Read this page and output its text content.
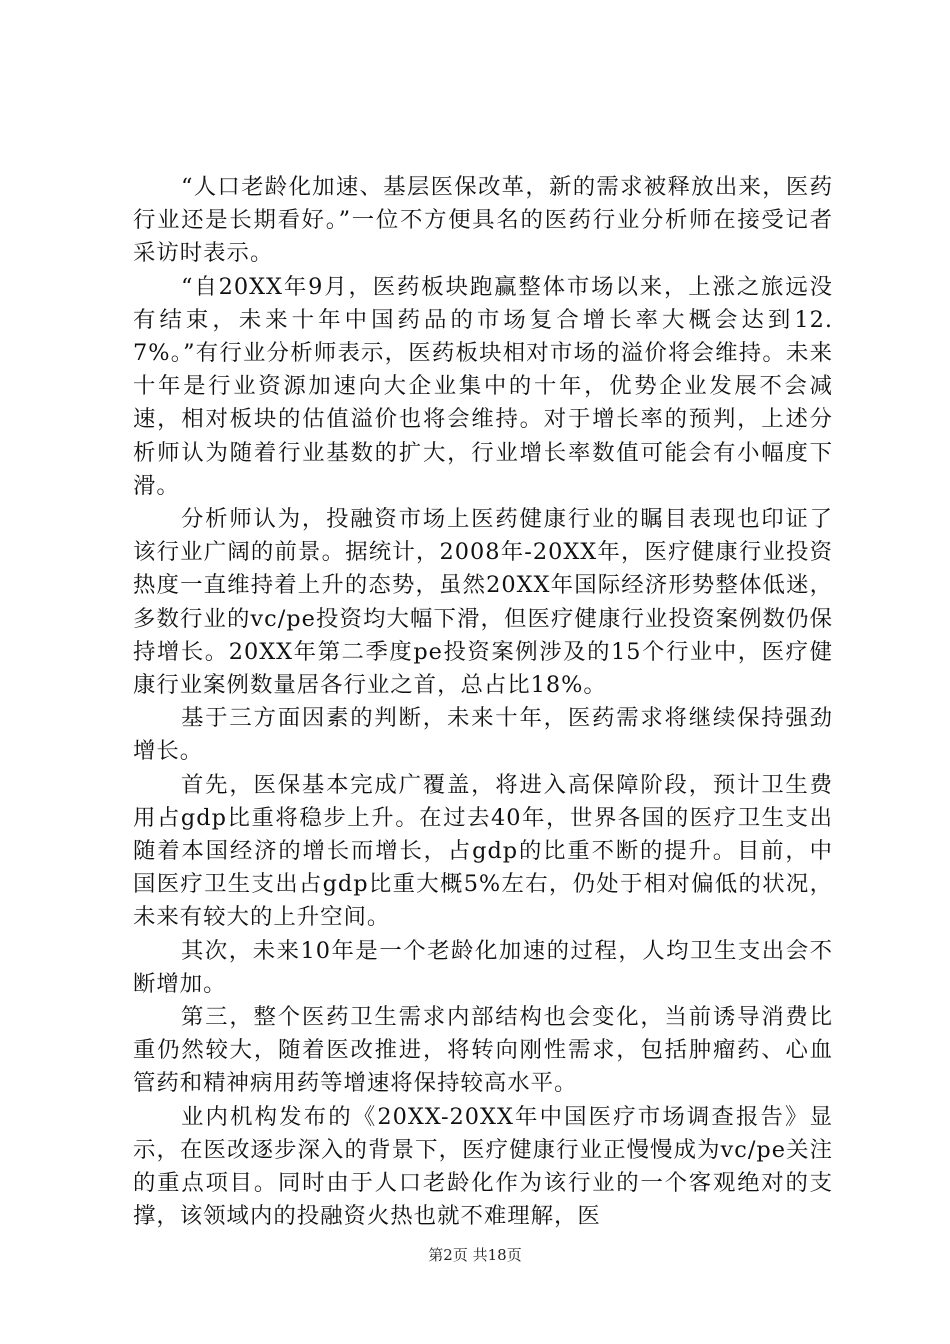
“人口老龄化加速、基层医保改革，新的需求被释放出来，医药行业还是长期看好。”一位不方便具名的医药行业分析师在接受记者采访时表示。

“自20XX年9月，医药板块跑赢整体市场以来，上涨之旅远没有结束，未来十年中国药品的市场复合增长率大概会达到12.7%。”有行业分析师表示，医药板块相对市场的溢价将会维持。未来十年是行业资源加速向大企业集中的十年，优势企业发展不会减速，相对板块的估值溢价也将会维持。对于增长率的预判，上述分析师认为随着行业基数的扩大，行业增长率数值可能会有小幅度下滑。

分析师认为，投融资市场上医药健康行业的瞩目表现也印证了该行业广阔的前景。据统计，2008年-20XX年，医疗健康行业投资热度一直维持着上升的态势，虽然20XX年国际经济形势整体低迷，多数行业的vc/pe投资均大幅下滑，但医疗健康行业投资案例数仍保持增长。20XX年第二季度pe投资案例涉及的15个行业中，医疗健康行业案例数量居各行业之首，总占比18%。

基于三方面因素的判断，未来十年，医药需求将继续保持强劲增长。

首先，医保基本完成广覆盖，将进入高保障阶段，预计卫生费用占gdp比重将稳步上升。在过去40年，世界各国的医疗卫生支出随着本国经济的增长而增长，占gdp的比重不断的提升。目前，中国医疗卫生支出占gdp比重大概5%左右，仍处于相对偏低的状况，未来有较大的上升空间。

其次，未来10年是一个老龄化加速的过程，人均卫生支出会不断增加。

第三，整个医药卫生需求内部结构也会变化，当前诱导消费比重仍然较大，随着医改推进，将转向刚性需求，包括肿瘤药、心血管药和精神病用药等增速将保持较高水平。

业内机构发布的《20XX-20XX年中国医疗市场调查报告》显示，在医改逐步深入的背景下，医疗健康行业正慢慢成为vc/pe关注的重点项目。同时由于人口老龄化作为该行业的一个客观绝对的支撑，该领域内的投融资火热也就不难理解，医

第2页 共18页
